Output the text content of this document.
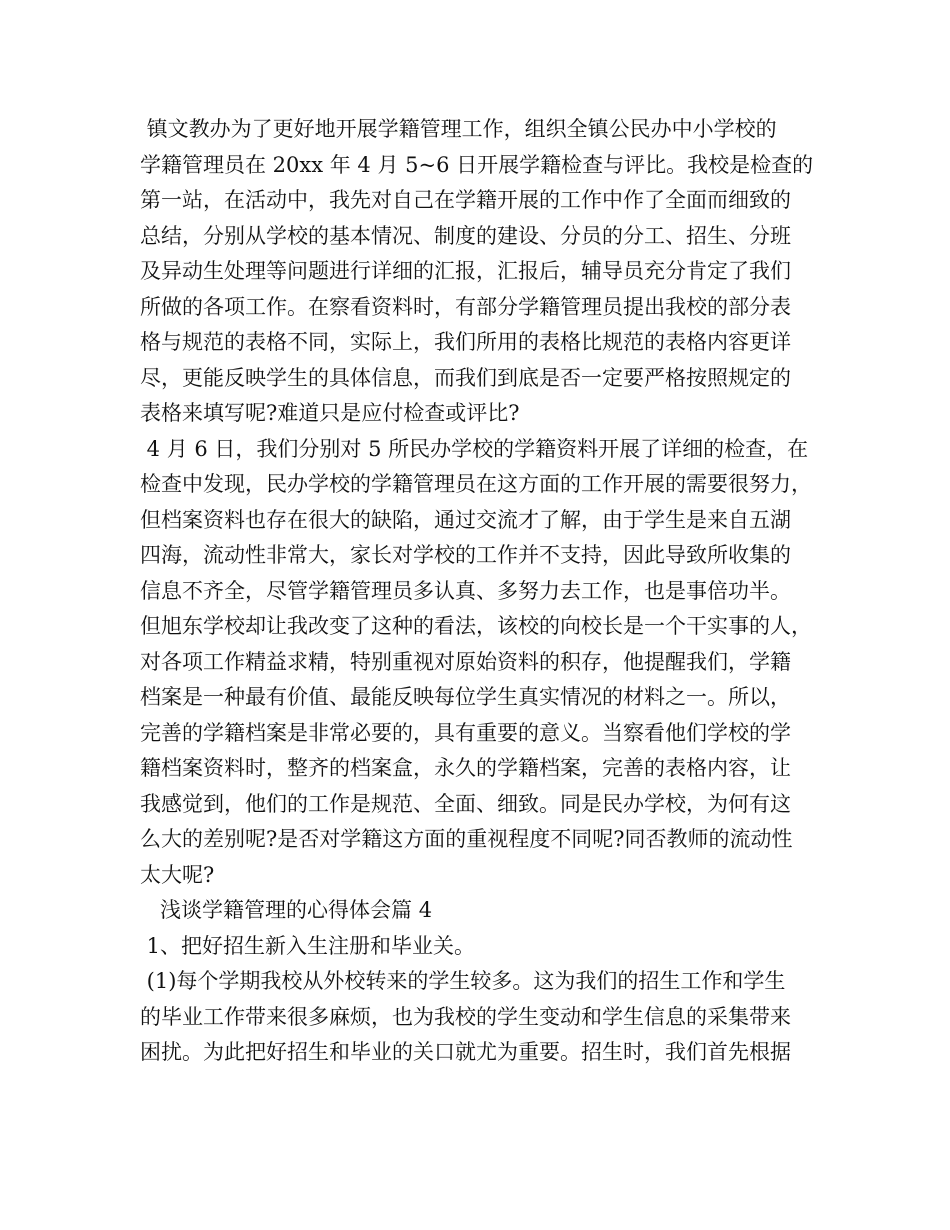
镇文教办为了更好地开展学籍管理工作，组织全镇公民办中小学校的
学籍管理员在 20xx 年 4 月 5~6 日开展学籍检查与评比。我校是检查的
第一站，在活动中，我先对自己在学籍开展的工作中作了全面而细致的
总结，分别从学校的基本情况、制度的建设、分员的分工、招生、分班
及异动生处理等问题进行详细的汇报，汇报后，辅导员充分肯定了我们
所做的各项工作。在察看资料时，有部分学籍管理员提出我校的部分表
格与规范的表格不同，实际上，我们所用的表格比规范的表格内容更详
尽，更能反映学生的具体信息，而我们到底是否一定要严格按照规定的
表格来填写呢?难道只是应付检查或评比?
4 月 6 日，我们分别对 5 所民办学校的学籍资料开展了详细的检查，在
检查中发现，民办学校的学籍管理员在这方面的工作开展的需要很努力，
但档案资料也存在很大的缺陷，通过交流才了解，由于学生是来自五湖
四海，流动性非常大，家长对学校的工作并不支持，因此导致所收集的
信息不齐全，尽管学籍管理员多认真、多努力去工作，也是事倍功半。
但旭东学校却让我改变了这种的看法，该校的向校长是一个干实事的人，
对各项工作精益求精，特别重视对原始资料的积存，他提醒我们，学籍
档案是一种最有价值、最能反映每位学生真实情况的材料之一。所以，
完善的学籍档案是非常必要的，具有重要的意义。当察看他们学校的学
籍档案资料时，整齐的档案盒，永久的学籍档案，完善的表格内容，让
我感觉到，他们的工作是规范、全面、细致。同是民办学校，为何有这
么大的差别呢?是否对学籍这方面的重视程度不同呢?同否教师的流动性
太大呢?
浅谈学籍管理的心得体会篇 4
1、把好招生新入生注册和毕业关。
(1)每个学期我校从外校转来的学生较多。这为我们的招生工作和学生
的毕业工作带来很多麻烦，也为我校的学生变动和学生信息的采集带来
困扰。为此把好招生和毕业的关口就尤为重要。招生时，我们首先根据
